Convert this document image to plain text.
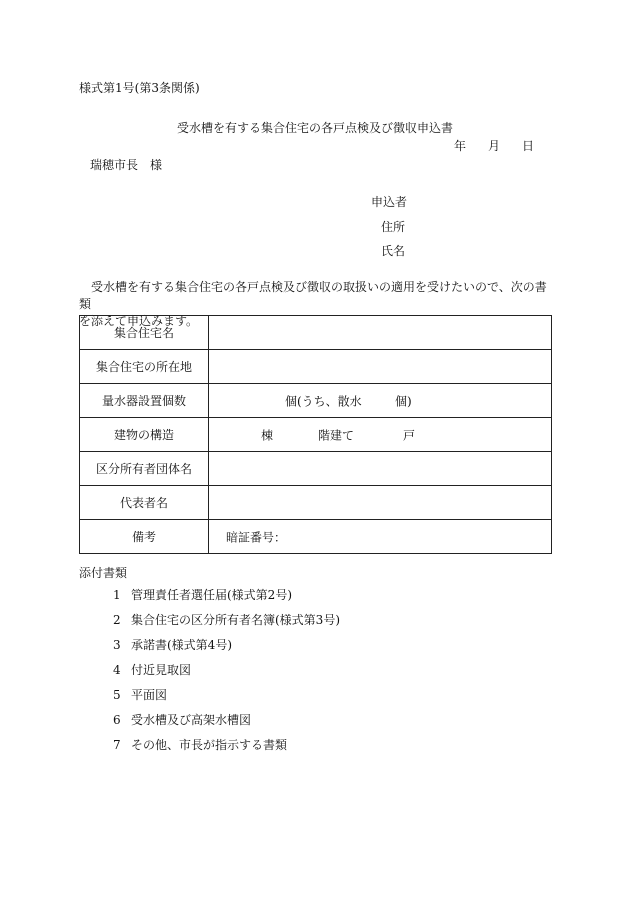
様式第1号(第3条関係)
受水槽を有する集合住宅の各戸点検及び徴収申込書
年 月 日
瑞穂市長　様
申込者
住所
氏名

受水槽を有する集合住宅の各戸点検及び徴収の取扱いの適用を受けたいので、次の書類

を添えて申込みます。

集合住宅名	
集合住宅の所在地	
量水器設置個数	個(うち、散水 個)

建物の構造	棟 階建て 戸

区分所有者団体名	
代表者名	
備考	暗証番号：
添付書類
1 管理責任者選任届(様式第2号)
2 集合住宅の区分所有者名簿(様式第3号)
3 承諾書(様式第4号)
4 付近見取図
5 平面図
6 受水槽及び高架水槽図
7 その他、市長が指示する書類
